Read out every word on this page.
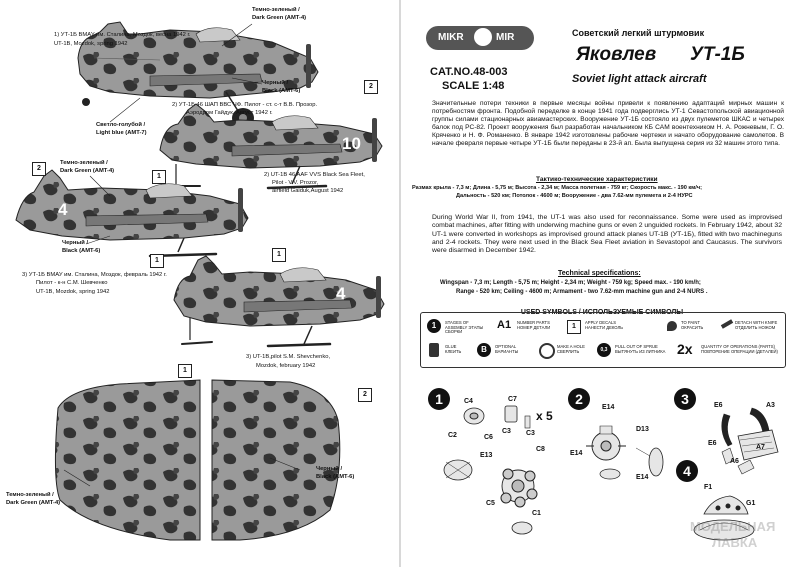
1) УТ-1Б ВМАУ им. Сталина, Моздок, весна 1942 г.

UT-1B, Mozdok, spring 1942

Темно-зеленый /

Dark Green (AMT-4)

Черный /

Black (AMT-6)

Светло-голубой /

Light blue (AMT-7)

2) УТ-1Б 46 ШАП ВВС ЧФ. Пилот - ст. с-т В.В. Прозор.

Аэродром Гайдук. Август 1942 г.

Темно-зеленый /

Dark Green (AMT-4)

2) UT-1B 46 AAF VVS Black Sea Fleet,

Pilot - V.V. Prozor,

airfield Gaiduk,August 1942

Черный /

Black (AMT-6)

3) УТ-1Б ВМАУ им. Сталина, Моздок, февраль 1942 г.

Пилот - к-н С.М. Шевченко

UT-1B, Mozdok, spring 1942

3) UT-1B,pilot S.M. Shevchenko,

Mozdok, february 1942

Темно-зеленый /

Dark Green (AMT-4)

Черный /

Black (AMT-6)

10

4

4

2
1
2
1
1
1
2
MIKR	MIR	Советский легкий штурмовик

Яковлев УТ-1Б

CAT.NO.48-003

SCALE 1:48

Soviet light attack aircraft

Значительные потери техники в первые месяцы войны привели к появлению адаптаций мирных машин к потребностям фронта. Подобной переделке в конце 1941 года подверглись УТ-1 Севастопольской авиационной группы силами стационарных авиамастерских. Вооружение УТ-1Б состояло из двух пулеметов ШКАС и четырех балок под РС-82. Проект вооружения был разработан начальником КБ САМ воентехником Н. А. Рожневым, Г. О. Кряченко и Н. Ф. Романенко. В январе 1942 изготовлены рабочие чертежи и начато оборудование самолетов. В начале февраля первые четыре УТ-1Б были переданы в 23-й ап. Была выпущена серия из 32 машин этого типа.

Тактико-технические характеристики

Размах крыла - 7,3 м; Длина - 5,75 м; Высота - 2,34 м; Масса полетная - 759 кг; Скорость макс. - 190 км/ч;

Дальность - 520 км; Потолок - 4600 м; Вооружение - два 7.62-мм пулемета и 2-4 НУРС

During World War II, from 1941, the UT-1 was also used for reconnaissance. Some were used as improvised combat machines, after fitting with underwing machine guns or even 2 unguided rockets. In February 1942, about 32 UT-1 were converted in workshops as improvised ground attack planes UT-1B (УТ-1Б), fitted with two machineguns and 2-4 rockets. They were next used in the Black Sea Fleet aviation in Sevastopol and Caucasus. The survivors were disarmed in December 1942.

Technical specifications:

Wingspan - 7,3 m; Length - 5,75 m; Height - 2,34 m; Weight - 759 kg; Speed max. - 190 km/h;

Range - 520 km; Ceiling - 4600 m; Armament - two 7.62-mm machine gun and 2-4 NURS .

USED SYMBOLS / ИСПОЛЬЗУЕМЫЕ СИМВОЛЫ

1	STAGES OF ASSEMBLY ЭТАПЫ СБОРКИ
A1 NUMBER PARTS НОМЕР ДЕТАЛИ	1
APPLY DECALS НАНЕСТИ ДЕКОЛЬ
TO PAINT ОКРАСИТЬ
DETACH WITH KNIFE ОТДЕЛИТЬ НОЖОМ
GLUE КЛЕИТЬ	B	OPTIONAL ВАРИАНТЫ
MAKE A HOLE СВЕРЛИТЬ	0,3
PULL OUT OF SPRUE ВЫТЯНУТЬ ИЗ ЛИТНИКА 2x QUANTITY OF OPERATIONS (PARTS) ПОВТОРЕНИЕ ОПЕРАЦИИ (ДЕТАЛЕЙ)
1	2	3
4
C4	C7
C2	C6
C3 C3
x 5
E13
C8
C5
C1
E14
D13
E14
E14
E6	A3
E6
A7
A6
F1
G1
МОДЕЛЬНАЯ
ЛАВКА
